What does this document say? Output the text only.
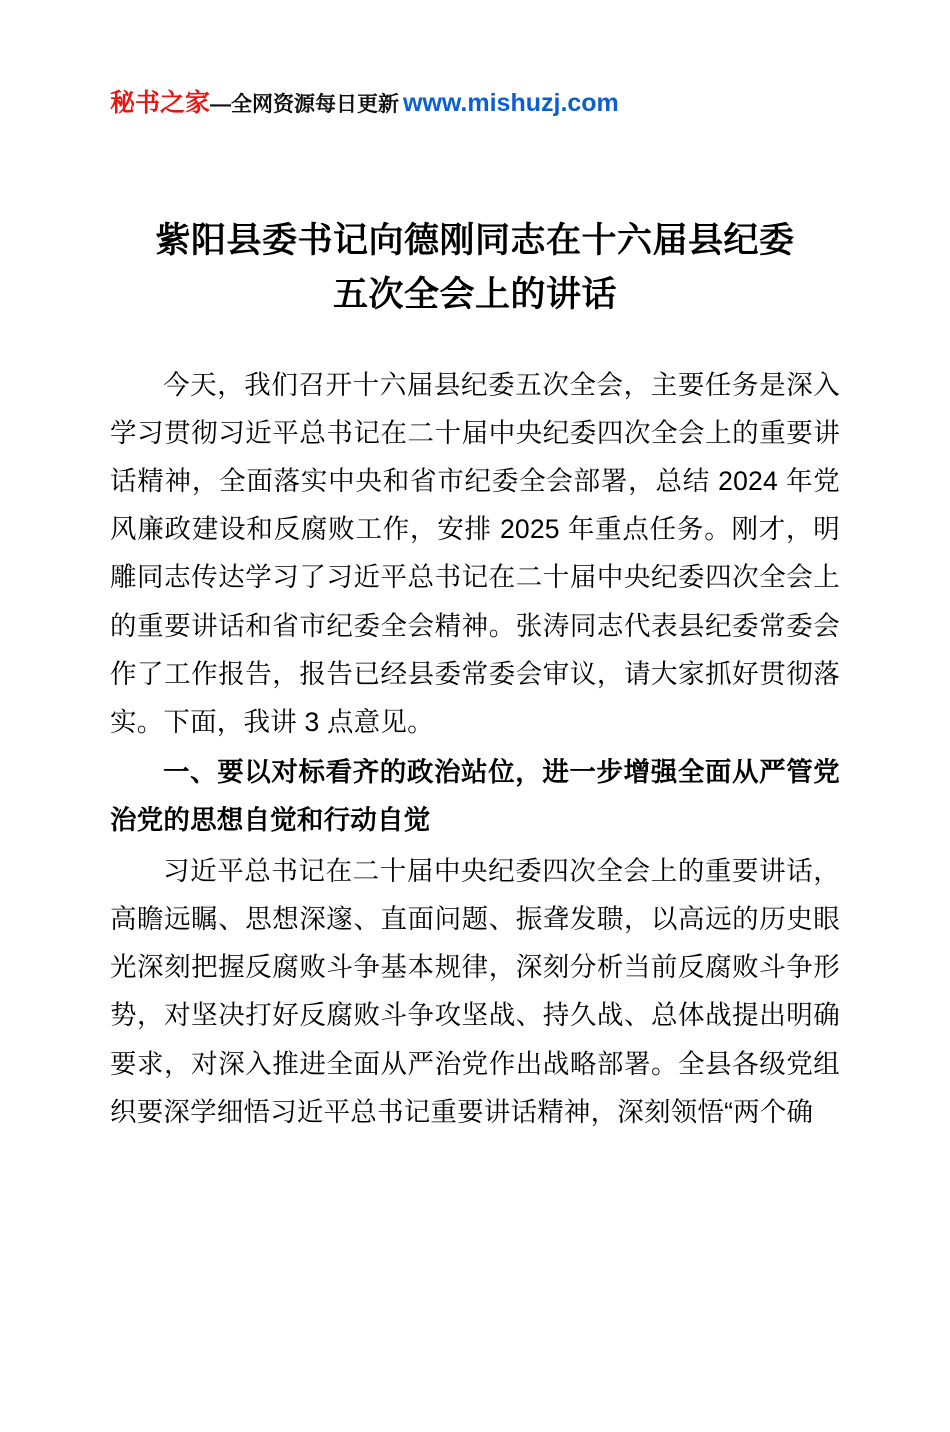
秘书之家—全网资源每日更新 www.mishuzj.com
紫阳县委书记向德刚同志在十六届县纪委
五次全会上的讲话

今天，我们召开十六届县纪委五次全会，主要任务是深入学习贯彻习近平总书记在二十届中央纪委四次全会上的重要讲话精神，全面落实中央和省市纪委全会部署，总结 2024 年党风廉政建设和反腐败工作，安排 2025 年重点任务。刚才，明雕同志传达学习了习近平总书记在二十届中央纪委四次全会上的重要讲话和省市纪委全会精神。张涛同志代表县纪委常委会作了工作报告，报告已经县委常委会审议，请大家抓好贯彻落实。下面，我讲 3 点意见。

一、要以对标看齐的政治站位，进一步增强全面从严管党治党的思想自觉和行动自觉

习近平总书记在二十届中央纪委四次全会上的重要讲话，高瞻远瞩、思想深邃、直面问题、振聋发聩，以高远的历史眼光深刻把握反腐败斗争基本规律，深刻分析当前反腐败斗争形势，对坚决打好反腐败斗争攻坚战、持久战、总体战提出明确要求，对深入推进全面从严治党作出战略部署。全县各级党组织要深学细悟习近平总书记重要讲话精神，深刻领悟“两个确
